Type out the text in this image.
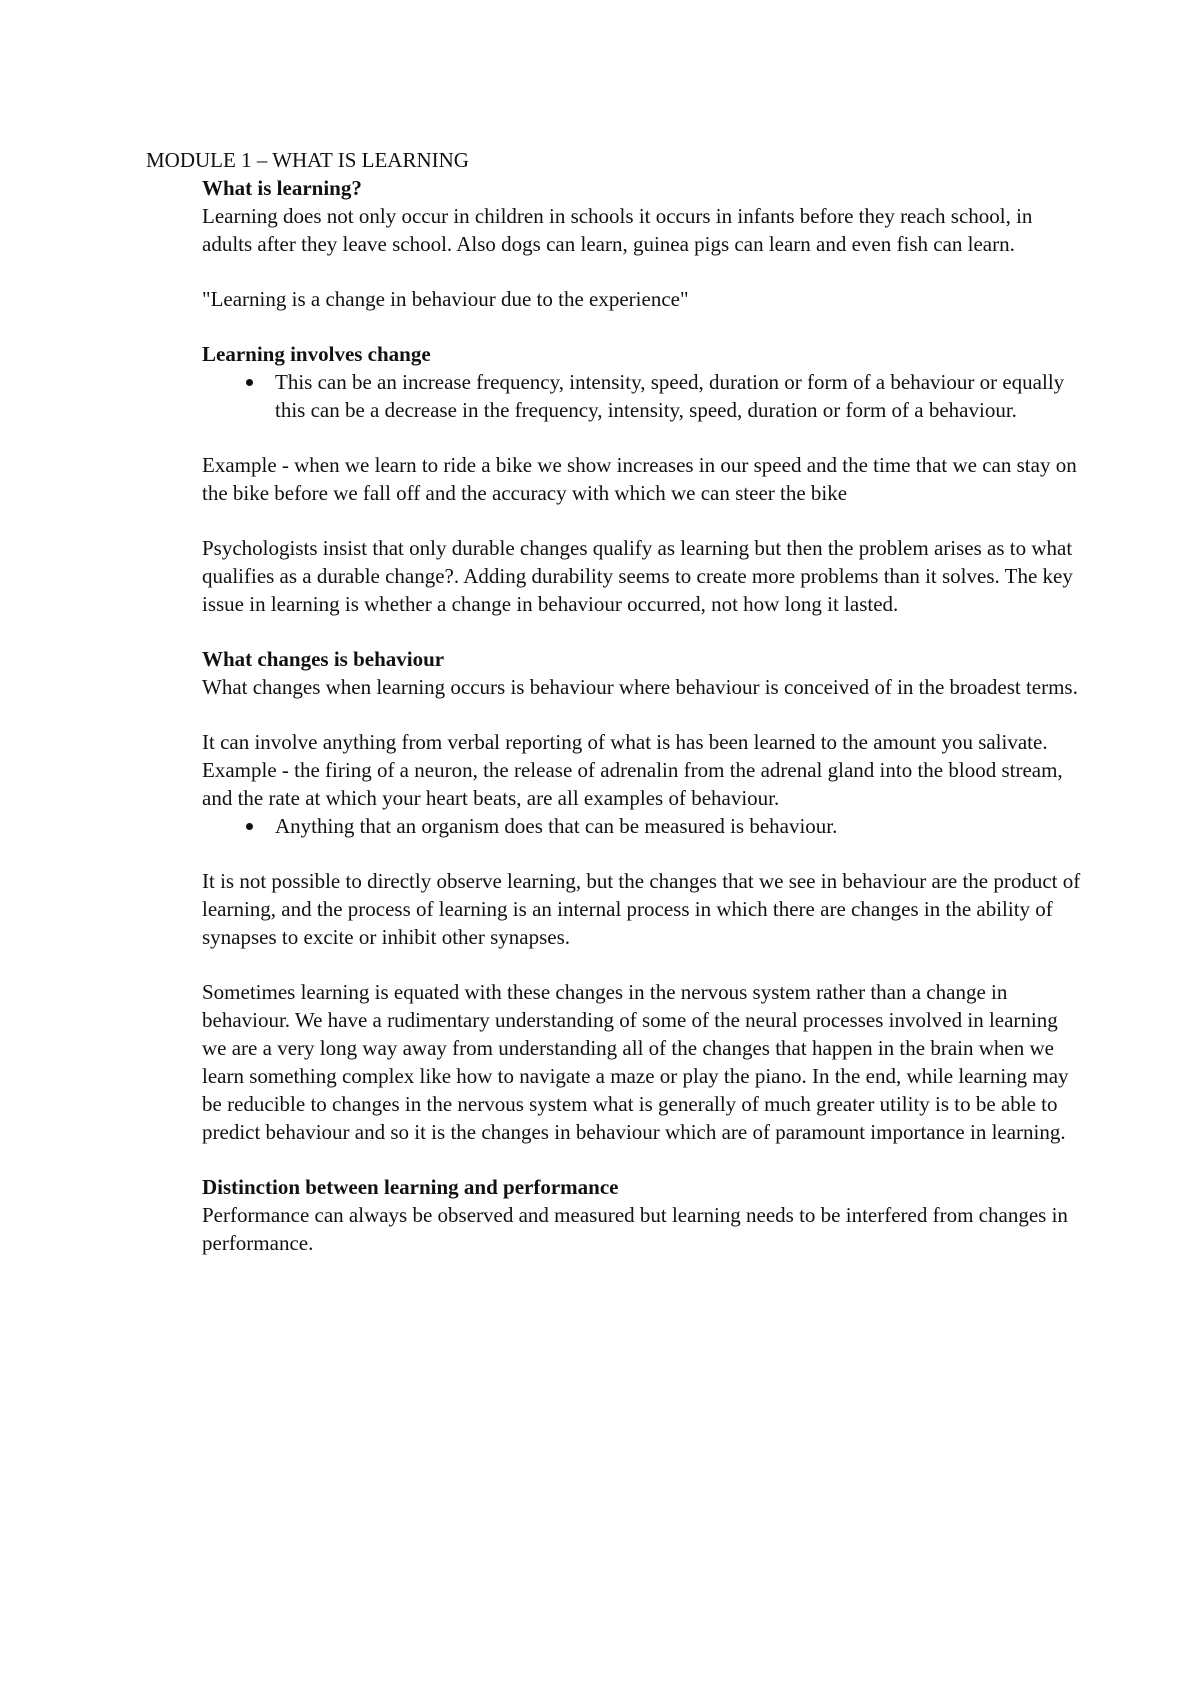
MODULE 1 – WHAT IS LEARNING

What is learning?

Learning does not only occur in children in schools it occurs in infants before they reach school, in adults after they leave school. Also dogs can learn, guinea pigs can learn and even fish can learn.

"Learning is a change in behaviour due to the experience"

Learning involves change

This can be an increase frequency, intensity, speed, duration or form of a behaviour or equally this can be a decrease in the frequency, intensity, speed, duration or form of a behaviour.

Example - when we learn to ride a bike we show increases in our speed and the time that we can stay on the bike before we fall off and the accuracy with which we can steer the bike

Psychologists insist that only durable changes qualify as learning but then the problem arises as to what qualifies as a durable change?. Adding durability seems to create more problems than it solves. The key issue in learning is whether a change in behaviour occurred, not how long it lasted.

What changes is behaviour

What changes when learning occurs is behaviour where behaviour is conceived of in the broadest terms.

It can involve anything from verbal reporting of what is has been learned to the amount you salivate.

Example - the firing of a neuron, the release of adrenalin from the adrenal gland into the blood stream, and the rate at which your heart beats, are all examples of behaviour.

Anything that an organism does that can be measured is behaviour.

It is not possible to directly observe learning, but the changes that we see in behaviour are the product of learning, and the process of learning is an internal process in which there are changes in the ability of synapses to excite or inhibit other synapses.

Sometimes learning is equated with these changes in the nervous system rather than a change in behaviour. We have a rudimentary understanding of some of the neural processes involved in learning we are a very long way away from understanding all of the changes that happen in the brain when we learn something complex like how to navigate a maze or play the piano. In the end, while learning may be reducible to changes in the nervous system what is generally of much greater utility is to be able to predict behaviour and so it is the changes in behaviour which are of paramount importance in learning.

Distinction between learning and performance

Performance can always be observed and measured but learning needs to be interfered from changes in performance.
